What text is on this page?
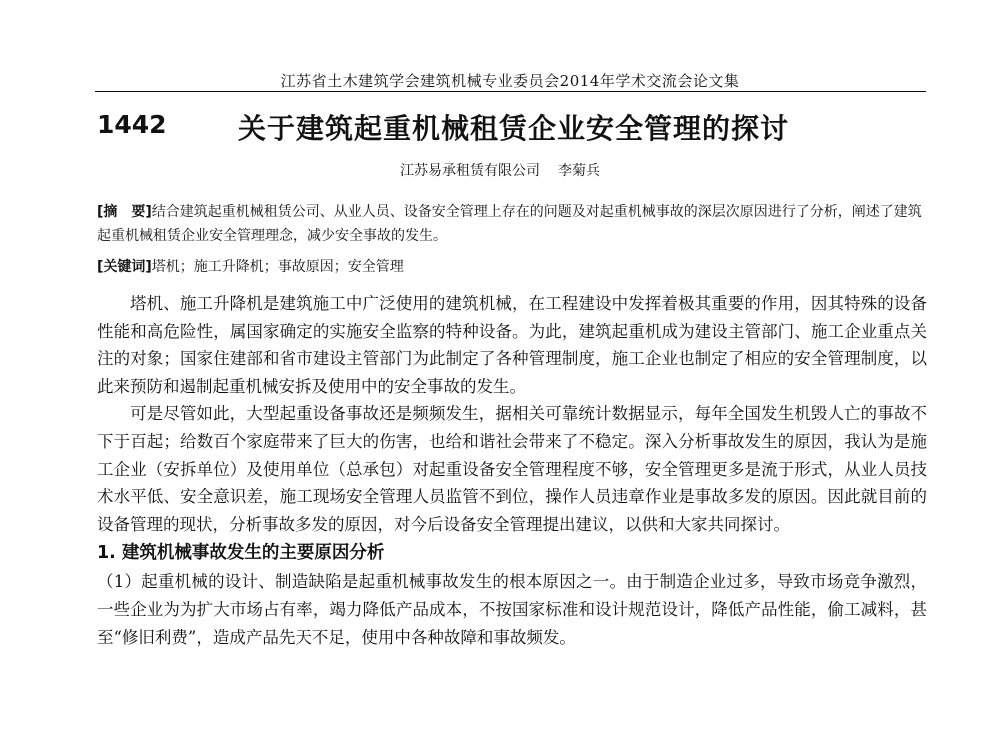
江苏省土木建筑学会建筑机械专业委员会2014年学术交流会论文集
1442	关于建筑起重机械租赁企业安全管理的探讨
江苏易承租赁有限公司 李菊兵
[摘　要]结合建筑起重机械租赁公司、从业人员、设备安全管理上存在的问题及对起重机械事故的深层次原因进行了分析，阐述了建筑起重机械租赁企业安全管理理念，减少安全事故的发生。
[关键词]塔机；施工升降机；事故原因；安全管理

塔机、施工升降机是建筑施工中广泛使用的建筑机械，在工程建设中发挥着极其重要的作用，因其特殊的设备性能和高危险性，属国家确定的实施安全监察的特种设备。为此，建筑起重机成为建设主管部门、施工企业重点关注的对象；国家住建部和省市建设主管部门为此制定了各种管理制度，施工企业也制定了相应的安全管理制度，以此来预防和遏制起重机械安拆及使用中的安全事故的发生。

可是尽管如此，大型起重设备事故还是频频发生，据相关可靠统计数据显示，每年全国发生机毁人亡的事故不下于百起；给数百个家庭带来了巨大的伤害，也给和谐社会带来了不稳定。深入分析事故发生的原因，我认为是施工企业（安拆单位）及使用单位（总承包）对起重设备安全管理程度不够，安全管理更多是流于形式，从业人员技术水平低、安全意识差，施工现场安全管理人员监管不到位，操作人员违章作业是事故多发的原因。因此就目前的设备管理的现状，分析事故多发的原因，对今后设备安全管理提出建议，以供和大家共同探讨。

1. 建筑机械事故发生的主要原因分析

（1）起重机械的设计、制造缺陷是起重机械事故发生的根本原因之一。由于制造企业过多，导致市场竞争激烈，一些企业为为扩大市场占有率，竭力降低产品成本，不按国家标准和设计规范设计，降低产品性能，偷工减料，甚至“修旧利费”，造成产品先天不足，使用中各种故障和事故频发。
